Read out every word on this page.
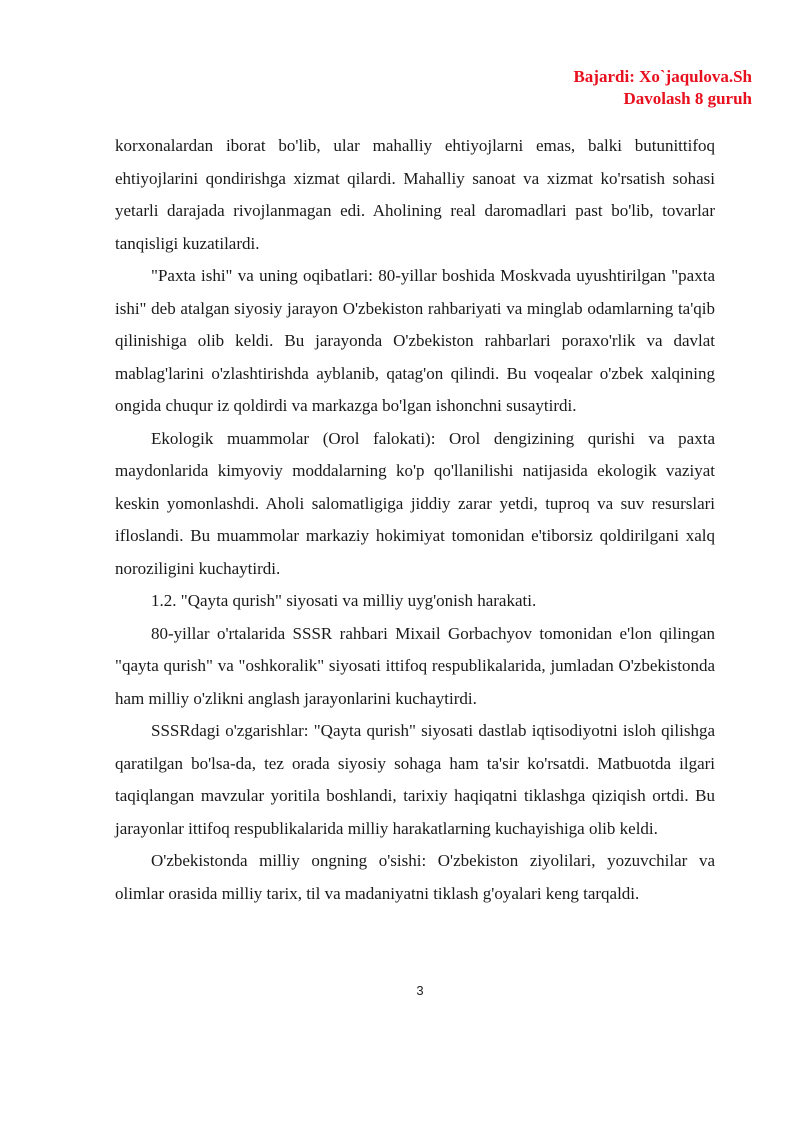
Bajardi: Xo`jaqulova.Sh
Davolash 8 guruh

korxonalardan iborat bo'lib, ular mahalliy ehtiyojlarni emas, balki butunittifoq ehtiyojlarini qondirishga xizmat qilardi. Mahalliy sanoat va xizmat ko'rsatish sohasi yetarli darajada rivojlanmagan edi. Aholining real daromadlari past bo'lib, tovarlar tanqisligi kuzatilardi.

"Paxta ishi" va uning oqibatlari: 80-yillar boshida Moskvada uyushtirilgan "paxta ishi" deb atalgan siyosiy jarayon O'zbekiston rahbariyati va minglab odamlarning ta'qib qilinishiga olib keldi. Bu jarayonda O'zbekiston rahbarlari poraxo'rlik va davlat mablag'larini o'zlashtirishda ayblanib, qatag'on qilindi. Bu voqealar o'zbek xalqining ongida chuqur iz qoldirdi va markazga bo'lgan ishonchni susaytirdi.

Ekologik muammolar (Orol falokati): Orol dengizining qurishi va paxta maydonlarida kimyoviy moddalarning ko'p qo'llanilishi natijasida ekologik vaziyat keskin yomonlashdi. Aholi salomatligiga jiddiy zarar yetdi, tuproq va suv resurslari ifloslandi. Bu muammolar markaziy hokimiyat tomonidan e'tiborsiz qoldirilgani xalq noroziligini kuchaytirdi.

1.2. "Qayta qurish" siyosati va milliy uyg'onish harakati.

80-yillar o'rtalarida SSSR rahbari Mixail Gorbachyov tomonidan e'lon qilingan "qayta qurish" va "oshkoralik" siyosati ittifoq respublikalarida, jumladan O'zbekistonda ham milliy o'zlikni anglash jarayonlarini kuchaytirdi.

SSSRdagi o'zgarishlar: "Qayta qurish" siyosati dastlab iqtisodiyotni isloh qilishga qaratilgan bo'lsa-da, tez orada siyosiy sohaga ham ta'sir ko'rsatdi. Matbuotda ilgari taqiqlangan mavzular yoritila boshlandi, tarixiy haqiqatni tiklashga qiziqish ortdi. Bu jarayonlar ittifoq respublikalarida milliy harakatlarning kuchayishiga olib keldi.

O'zbekistonda milliy ongning o'sishi: O'zbekiston ziyolilari, yozuvchilar va olimlar orasida milliy tarix, til va madaniyatni tiklash g'oyalari keng tarqaldi.

3
